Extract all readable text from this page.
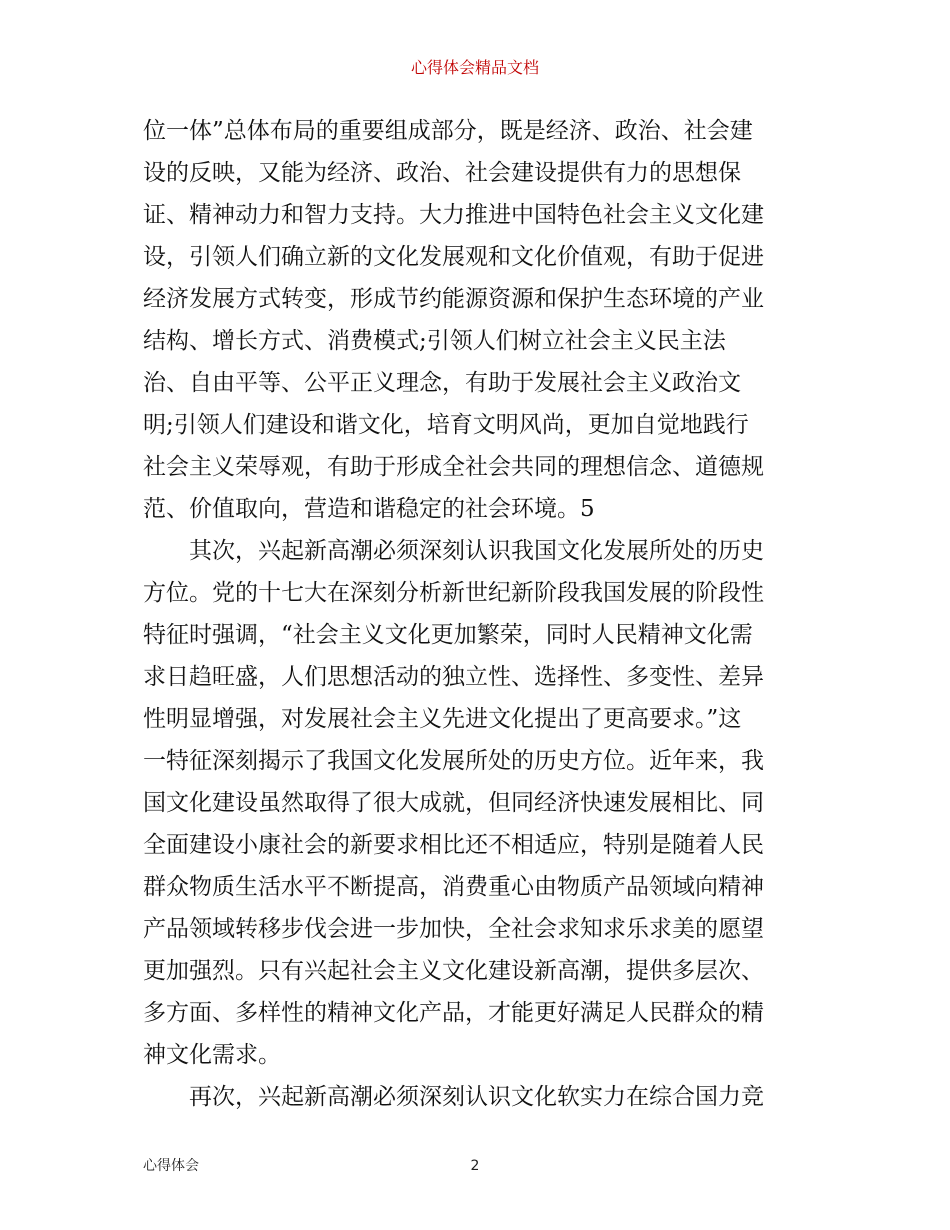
心得体会精品文档
位一体”总体布局的重要组成部分，既是经济、政治、社会建
设的反映，又能为经济、政治、社会建设提供有力的思想保
证、精神动力和智力支持。大力推进中国特色社会主义文化建
设，引领人们确立新的文化发展观和文化价值观，有助于促进
经济发展方式转变，形成节约能源资源和保护生态环境的产业
结构、增长方式、消费模式;引领人们树立社会主义民主法
治、自由平等、公平正义理念，有助于发展社会主义政治文
明;引领人们建设和谐文化，培育文明风尚，更加自觉地践行
社会主义荣辱观，有助于形成全社会共同的理想信念、道德规
范、价值取向，营造和谐稳定的社会环境。5
　　其次，兴起新高潮必须深刻认识我国文化发展所处的历史
方位。党的十七大在深刻分析新世纪新阶段我国发展的阶段性
特征时强调，“社会主义文化更加繁荣，同时人民精神文化需
求日趋旺盛，人们思想活动的独立性、选择性、多变性、差异
性明显增强，对发展社会主义先进文化提出了更高要求。”这
一特征深刻揭示了我国文化发展所处的历史方位。近年来，我
国文化建设虽然取得了很大成就，但同经济快速发展相比、同
全面建设小康社会的新要求相比还不相适应，特别是随着人民
群众物质生活水平不断提高，消费重心由物质产品领域向精神
产品领域转移步伐会进一步加快，全社会求知求乐求美的愿望
更加强烈。只有兴起社会主义文化建设新高潮，提供多层次、
多方面、多样性的精神文化产品，才能更好满足人民群众的精
神文化需求。
　　再次，兴起新高潮必须深刻认识文化软实力在综合国力竞
心得体会	2
